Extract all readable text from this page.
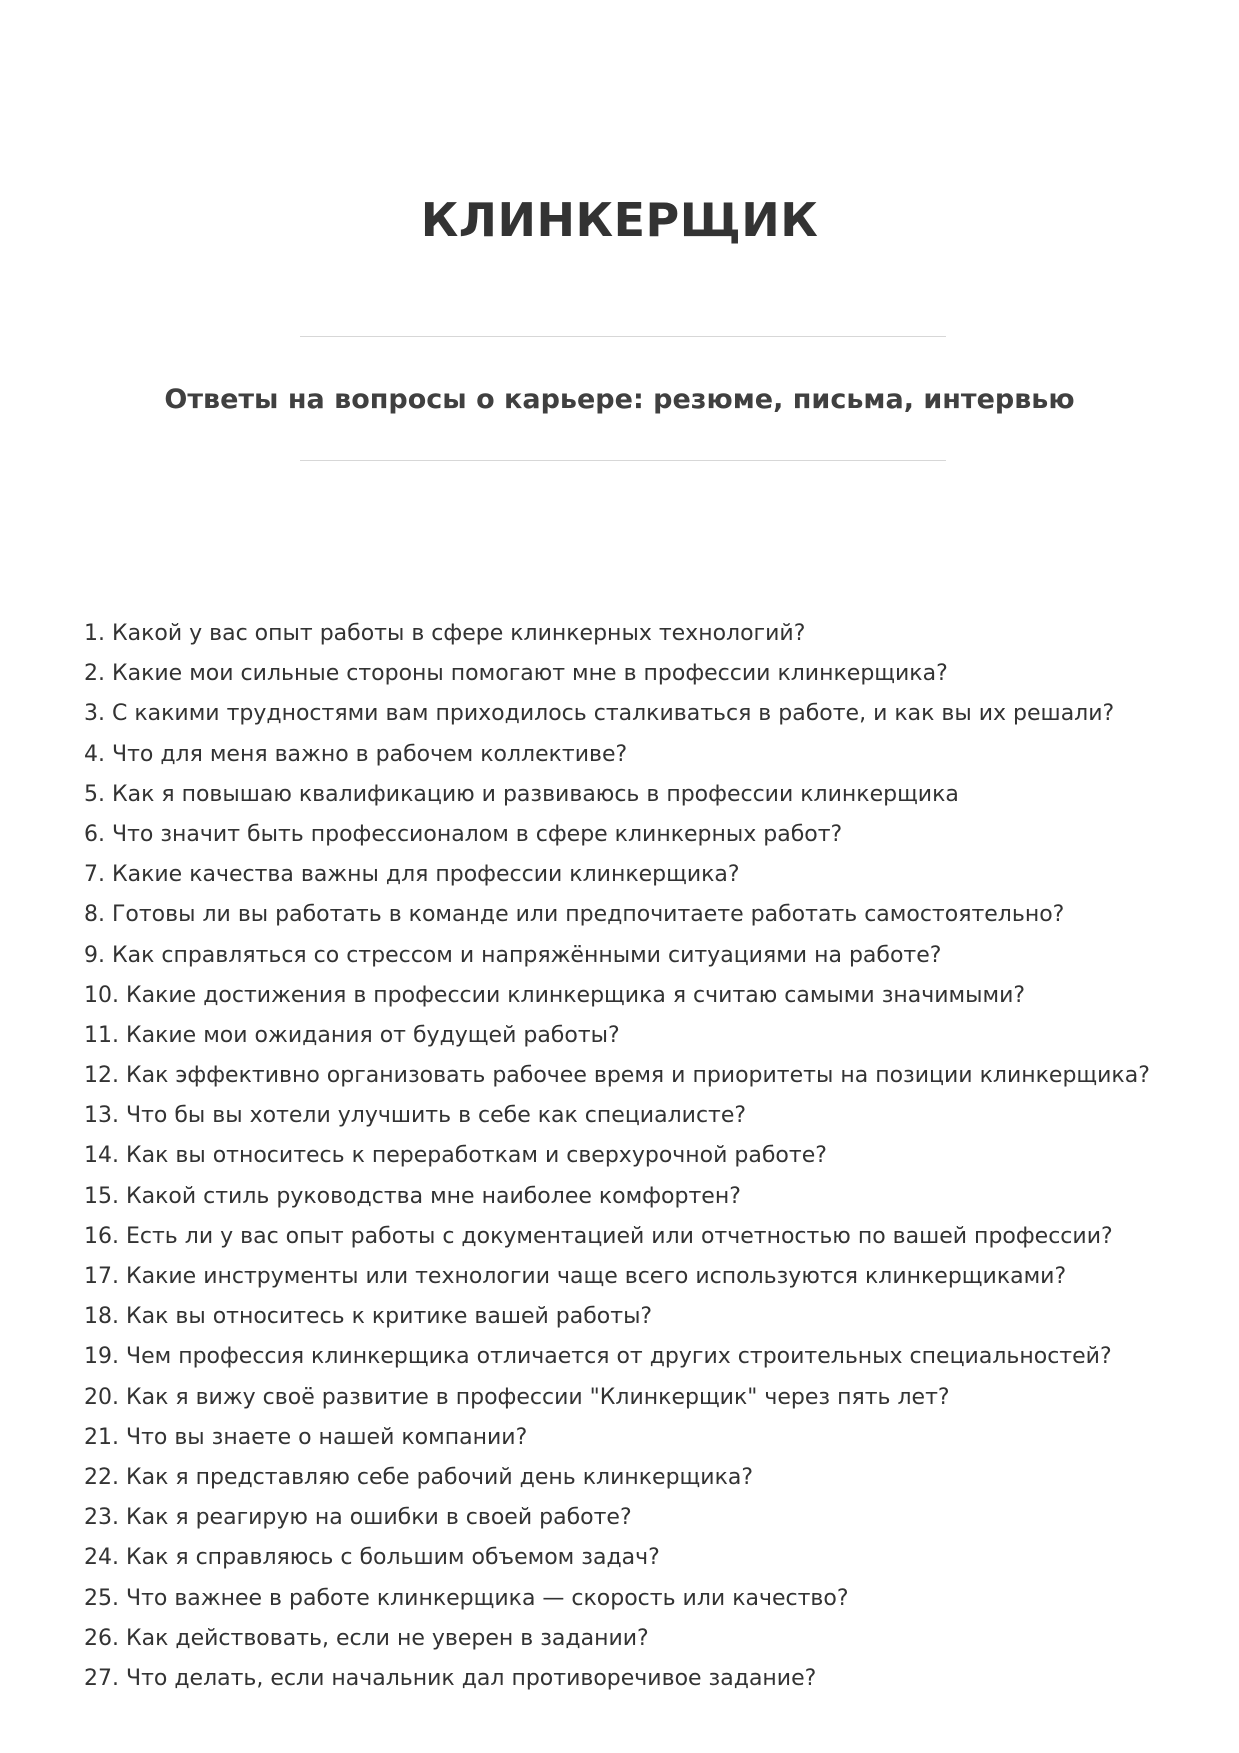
КЛИНКЕРЩИК
Ответы на вопросы о карьере: резюме, письма, интервью
1. Какой у вас опыт работы в сфере клинкерных технологий?
2. Какие мои сильные стороны помогают мне в профессии клинкерщика?
3. С какими трудностями вам приходилось сталкиваться в работе, и как вы их решали?
4. Что для меня важно в рабочем коллективе?
5. Как я повышаю квалификацию и развиваюсь в профессии клинкерщика
6. Что значит быть профессионалом в сфере клинкерных работ?
7. Какие качества важны для профессии клинкерщика?
8. Готовы ли вы работать в команде или предпочитаете работать самостоятельно?
9. Как справляться со стрессом и напряжёнными ситуациями на работе?
10. Какие достижения в профессии клинкерщика я считаю самыми значимыми?
11. Какие мои ожидания от будущей работы?
12. Как эффективно организовать рабочее время и приоритеты на позиции клинкерщика?
13. Что бы вы хотели улучшить в себе как специалисте?
14. Как вы относитесь к переработкам и сверхурочной работе?
15. Какой стиль руководства мне наиболее комфортен?
16. Есть ли у вас опыт работы с документацией или отчетностью по вашей профессии?
17. Какие инструменты или технологии чаще всего используются клинкерщиками?
18. Как вы относитесь к критике вашей работы?
19. Чем профессия клинкерщика отличается от других строительных специальностей?
20. Как я вижу своё развитие в профессии "Клинкерщик" через пять лет?
21. Что вы знаете о нашей компании?
22. Как я представляю себе рабочий день клинкерщика?
23. Как я реагирую на ошибки в своей работе?
24. Как я справляюсь с большим объемом задач?
25. Что важнее в работе клинкерщика — скорость или качество?
26. Как действовать, если не уверен в задании?
27. Что делать, если начальник дал противоречивое задание?
